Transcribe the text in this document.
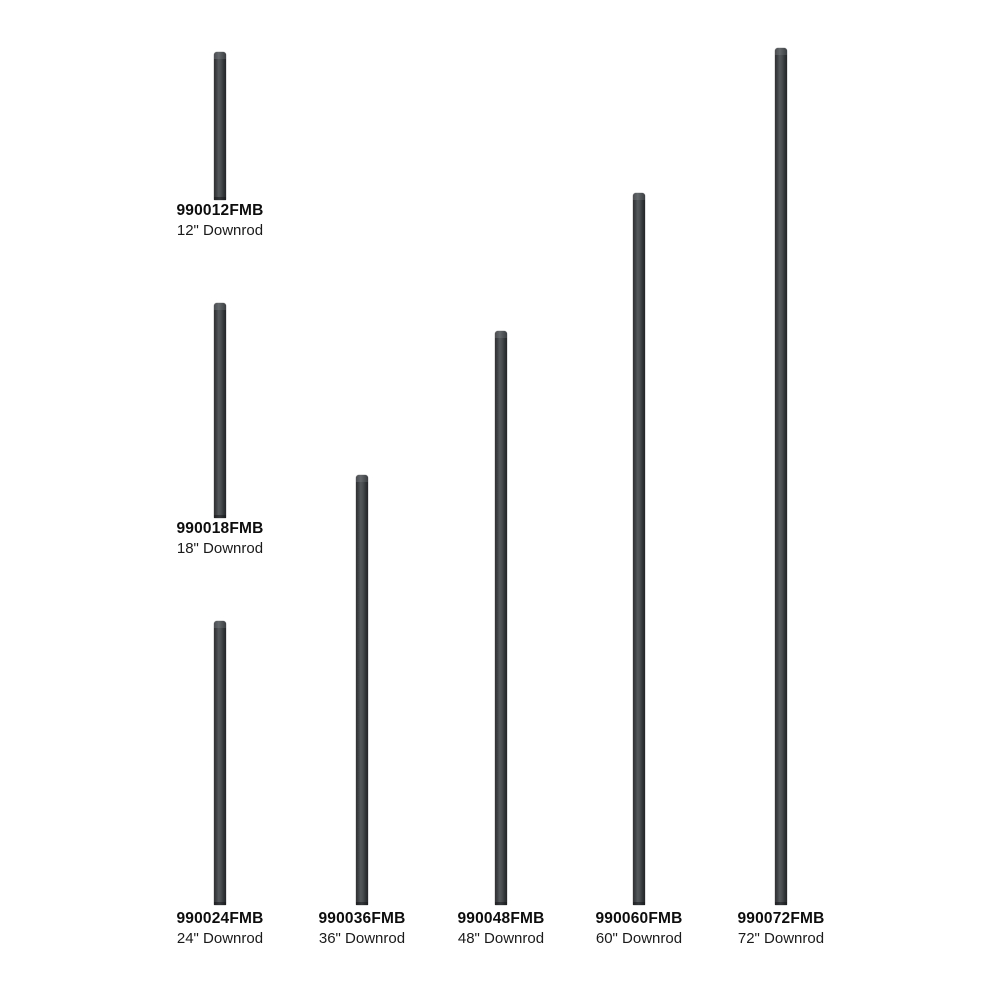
990012FMB
12" Downrod
990018FMB
18" Downrod
990024FMB
24" Downrod
990036FMB
36" Downrod
990048FMB
48" Downrod
990060FMB
60" Downrod
990072FMB
72" Downrod
